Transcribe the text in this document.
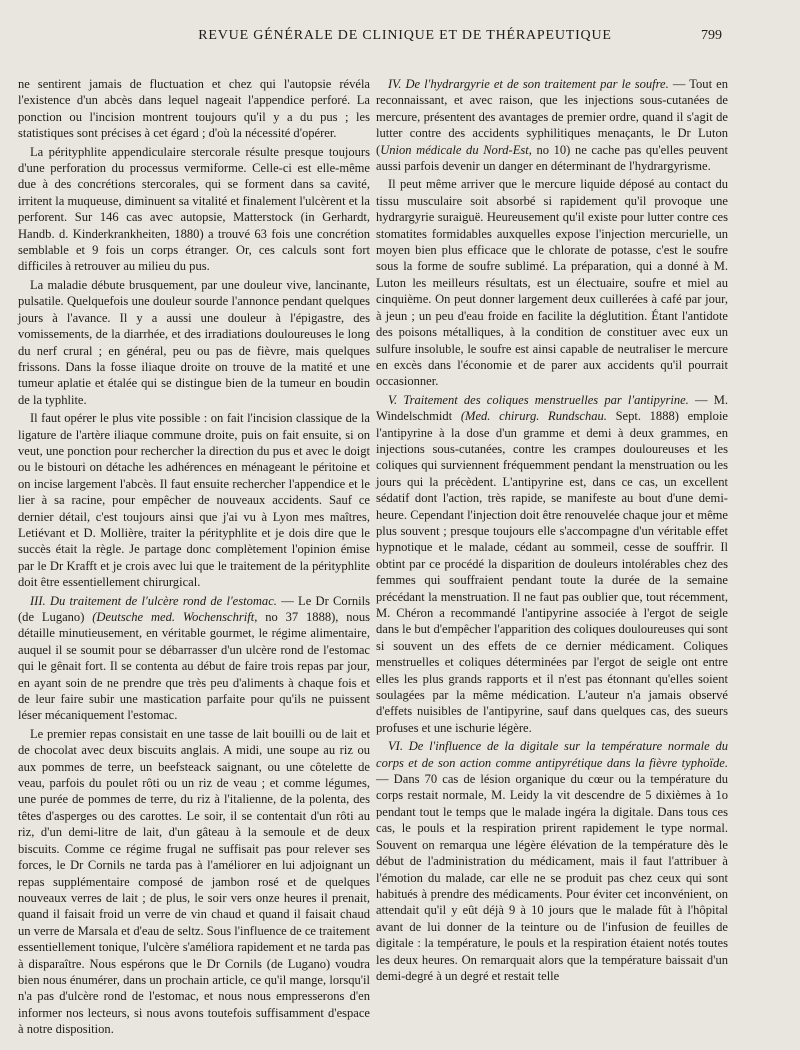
REVUE GÉNÉRALE DE CLINIQUE ET DE THÉRAPEUTIQUE	799

ne sentirent jamais de fluctuation et chez qui l'autopsie révéla l'existence d'un abcès dans lequel nageait l'appendice perforé. La ponction ou l'incision montrent toujours qu'il y a du pus ; les statistiques sont précises à cet égard ; d'où la nécessité d'opérer.

La pérityphlite appendiculaire stercorale résulte presque toujours d'une perforation du processus vermiforme. Celle-ci est elle-même due à des concrétions stercorales, qui se forment dans sa cavité, irritent la muqueuse, diminuent sa vitalité et finalement l'ulcèrent et la perforent. Sur 146 cas avec autopsie, Matterstock (in Gerhardt, Handb. d. Kinderkrankheiten, 1880) a trouvé 63 fois une concrétion semblable et 9 fois un corps étranger. Or, ces calculs sont fort difficiles à retrouver au milieu du pus.

La maladie débute brusquement, par une douleur vive, lancinante, pulsatile. Quelquefois une douleur sourde l'annonce pendant quelques jours à l'avance. Il y a aussi une douleur à l'épigastre, des vomissements, de la diarrhée, et des irradiations douloureuses le long du nerf crural ; en général, peu ou pas de fièvre, mais quelques frissons. Dans la fosse iliaque droite on trouve de la matité et une tumeur aplatie et étalée qui se distingue bien de la tumeur en boudin de la typhlite.

Il faut opérer le plus vite possible : on fait l'incision classique de la ligature de l'artère iliaque commune droite, puis on fait ensuite, si on veut, une ponction pour rechercher la direction du pus et avec le doigt ou le bistouri on détache les adhérences en ménageant le péritoine et on incise largement l'abcès. Il faut ensuite rechercher l'appendice et le lier à sa racine, pour empêcher de nouveaux accidents. Sauf ce dernier détail, c'est toujours ainsi que j'ai vu à Lyon mes maîtres, Letiévant et D. Mollière, traiter la pérityphlite et je dois dire que le succès était la règle. Je partage donc complètement l'opinion émise par le Dr Krafft et je crois avec lui que le traitement de la pérityphlite doit être essentiellement chirurgical.

III. Du traitement de l'ulcère rond de l'estomac. — Le Dr Cornils (de Lugano) (Deutsche med. Wochenschrift, no 37 1888), nous détaille minutieusement, en véritable gourmet, le régime alimentaire, auquel il se soumit pour se débarrasser d'un ulcère rond de l'estomac qui le gênait fort. Il se contenta au début de faire trois repas par jour, en ayant soin de ne prendre que très peu d'aliments à chaque fois et de leur faire subir une mastication parfaite pour qu'ils ne puissent léser mécaniquement l'estomac.

Le premier repas consistait en une tasse de lait bouilli ou de lait et de chocolat avec deux biscuits anglais. A midi, une soupe au riz ou aux pommes de terre, un beefsteack saignant, ou une côtelette de veau, parfois du poulet rôti ou un riz de veau ; et comme légumes, une purée de pommes de terre, du riz à l'italienne, de la polenta, des têtes d'asperges ou des carottes. Le soir, il se contentait d'un rôti au riz, d'un demi-litre de lait, d'un gâteau à la semoule et de deux biscuits. Comme ce régime frugal ne suffisait pas pour relever ses forces, le Dr Cornils ne tarda pas à l'améliorer en lui adjoignant un repas supplémentaire composé de jambon rosé et de quelques nouveaux verres de lait ; de plus, le soir vers onze heures il prenait, quand il faisait froid un verre de vin chaud et quand il faisait chaud un verre de Marsala et d'eau de seltz. Sous l'influence de ce traitement essentiellement tonique, l'ulcère s'améliora rapidement et ne tarda pas à disparaître. Nous espérons que le Dr Cornils (de Lugano) voudra bien nous énumérer, dans un prochain article, ce qu'il mange, lorsqu'il n'a pas d'ulcère rond de l'estomac, et nous nous empresserons d'en informer nos lecteurs, si nous avons toutefois suffisamment d'espace à notre disposition.

IV. De l'hydrargyrie et de son traitement par le soufre. — Tout en reconnaissant, et avec raison, que les injections sous-cutanées de mercure, présentent des avantages de premier ordre, quand il s'agit de lutter contre des accidents syphilitiques menaçants, le Dr Luton (Union médicale du Nord-Est, no 10) ne cache pas qu'elles peuvent aussi parfois devenir un danger en déterminant de l'hydrargyrisme.

Il peut même arriver que le mercure liquide déposé au contact du tissu musculaire soit absorbé si rapidement qu'il provoque une hydrargyrie suraiguë. Heureusement qu'il existe pour lutter contre ces stomatites formidables auxquelles expose l'injection mercurielle, un moyen bien plus efficace que le chlorate de potasse, c'est le soufre sous la forme de soufre sublimé. La préparation, qui a donné à M. Luton les meilleurs résultats, est un électuaire, soufre et miel au cinquième. On peut donner largement deux cuillerées à café par jour, à jeun ; un peu d'eau froide en facilite la déglutition. Étant l'antidote des poisons métalliques, à la condition de constituer avec eux un sulfure insoluble, le soufre est ainsi capable de neutraliser le mercure en excès dans l'économie et de parer aux accidents qu'il pourrait occasionner.

V. Traitement des coliques menstruelles par l'antipyrine. — M. Windelschmidt (Med. chirurg. Rundschau. Sept. 1888) emploie l'antipyrine à la dose d'un gramme et demi à deux grammes, en injections sous-cutanées, contre les crampes douloureuses et les coliques qui surviennent fréquemment pendant la menstruation ou les jours qui la précèdent. L'antipyrine est, dans ce cas, un excellent sédatif dont l'action, très rapide, se manifeste au bout d'une demi-heure. Cependant l'injection doit être renouvelée chaque jour et même plus souvent ; presque toujours elle s'accompagne d'un véritable effet hypnotique et le malade, cédant au sommeil, cesse de souffrir. Il obtint par ce procédé la disparition de douleurs intolérables chez des femmes qui souffraient pendant toute la durée de la semaine précédant la menstruation. Il ne faut pas oublier que, tout récemment, M. Chéron a recommandé l'antipyrine associée à l'ergot de seigle dans le but d'empêcher l'apparition des coliques douloureuses qui sont si souvent un des effets de ce dernier médicament. Coliques menstruelles et coliques déterminées par l'ergot de seigle ont entre elles les plus grands rapports et il n'est pas étonnant qu'elles soient soulagées par la même médication. L'auteur n'a jamais observé d'effets nuisibles de l'antipyrine, sauf dans quelques cas, des sueurs profuses et une ischurie légère.

VI. De l'influence de la digitale sur la température normale du corps et de son action comme antipyrétique dans la fièvre typhoïde. — Dans 70 cas de lésion organique du cœur ou la température du corps restait normale, M. Leidy la vit descendre de 5 dixièmes à 1o pendant tout le temps que le malade ingéra la digitale. Dans tous ces cas, le pouls et la respiration prirent rapidement le type normal. Souvent on remarqua une légère élévation de la température dès le début de l'administration du médicament, mais il faut l'attribuer à l'émotion du malade, car elle ne se produit pas chez ceux qui sont habitués à prendre des médicaments. Pour éviter cet inconvénient, on attendait qu'il y eût déjà 9 à 10 jours que le malade fût à l'hôpital avant de lui donner de la teinture ou de l'infusion de feuilles de digitale : la température, le pouls et la respiration étaient notés toutes les deux heures. On remarquait alors que la température baissait d'un demi-degré à un degré et restait telle
